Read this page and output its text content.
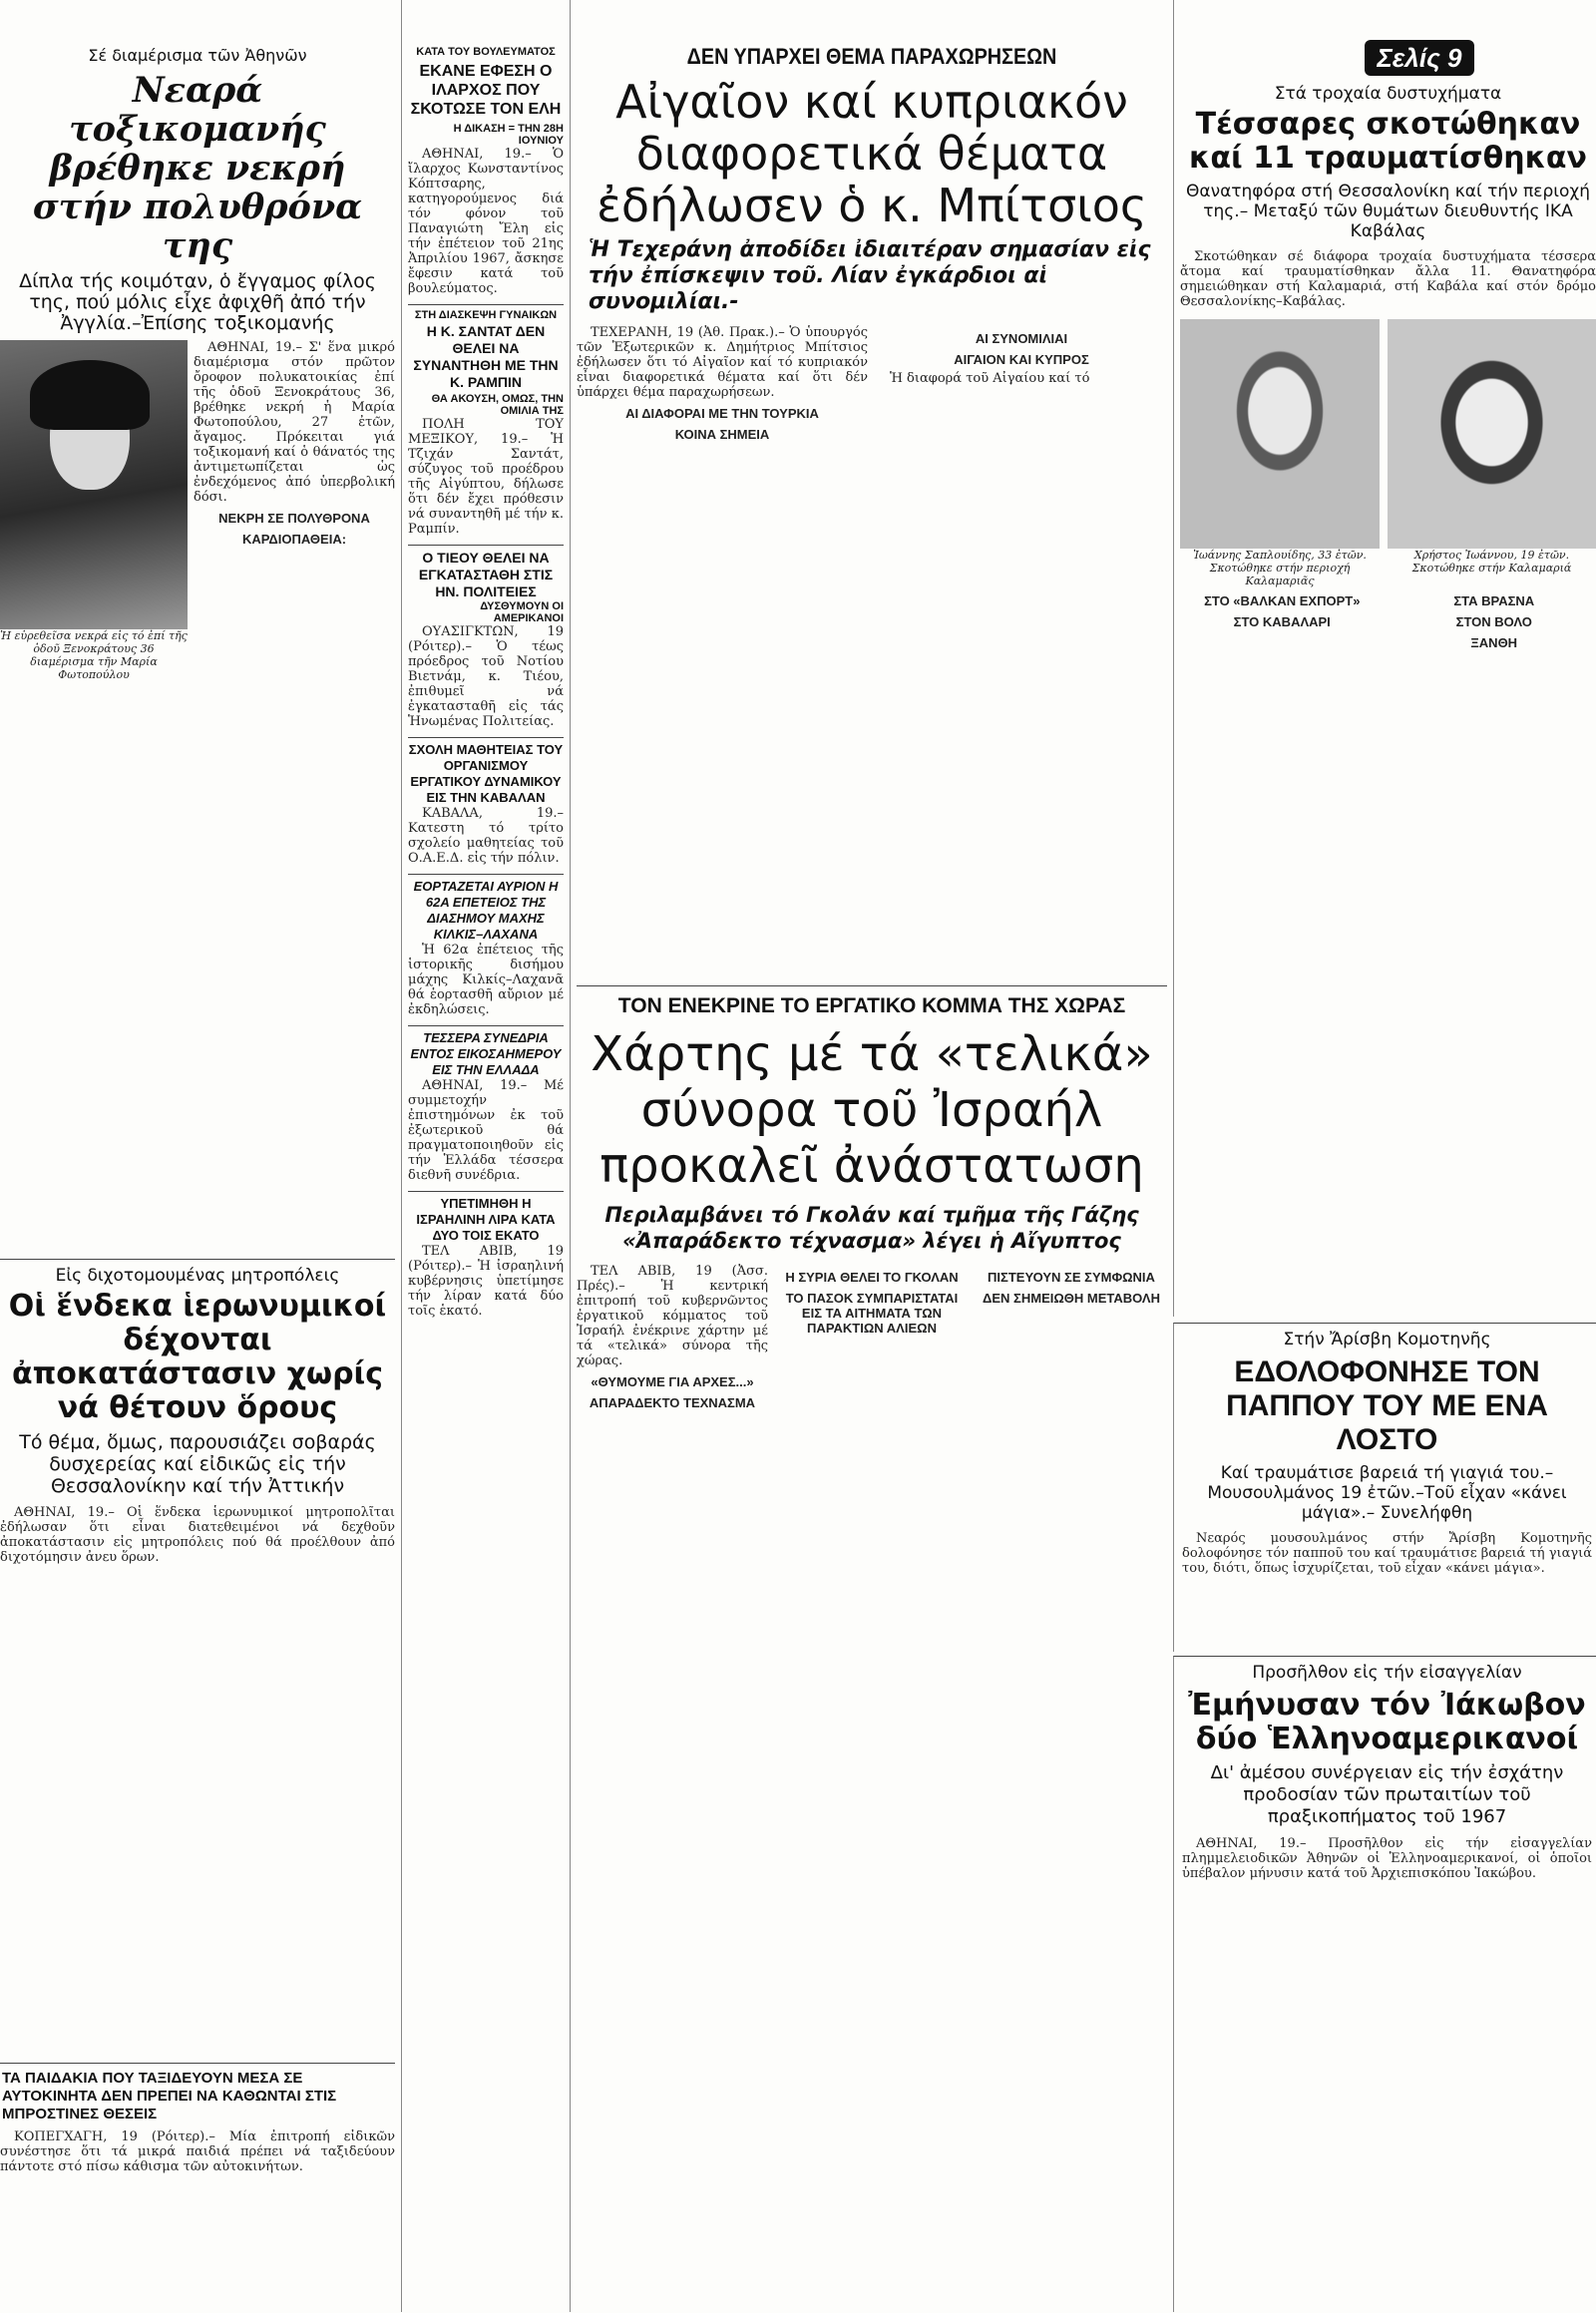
Σελίς 9
Σέ διαμέρισμα τῶν Ἀθηνῶν
Νεαρά τοξικομανής βρέθηκε νεκρή στήν πολυθρόνα της
Δίπλα τής κοιμόταν, ὁ ἔγγαμος φίλος της, πού μόλις εἶχε ἀφιχθῆ ἀπό τήν Ἀγγλία.–Ἐπίσης τοξικομανής
Ἡ εὑρεθεῖσα νεκρά εἰς τό ἐπί τῆς ὁδοῦ Ξενοκράτους 36 διαμέρισμα τῆν Μαρία Φωτοπούλου

ΑΘΗΝΑΙ, 19.– Σ' ἕνα μικρό διαμέρισμα στόν πρῶτον ὄροφον πολυκατοικίας ἐπί τῆς ὁδοῦ Ξενοκράτους 36, βρέθηκε νεκρή ἡ Μαρία Φωτοπούλου, 27 ἐτῶν, ἄγαμος. Πρόκειται γιά τοξικομανή καί ὁ θάνατός της ἀντιμετωπίζεται ὡς ἐνδεχόμενος ἀπό ὑπερβολική δόσι.

ΝΕΚΡΗ ΣΕ ΠΟΛΥΘΡΟΝΑ
ΚΑΡΔΙΟΠΑΘΕΙΑ:
Εἰς διχοτομουμένας μητροπόλεις
Οἱ ἕνδεκα ἱερωνυμικοί δέχονται ἀποκατάστασιν χωρίς νά θέτουν ὅρους
Τό θέμα, ὅμως, παρουσιάζει σοβαράς δυσχερείας καί εἰδικῶς εἰς τήν Θεσσαλονίκην καί τήν Ἀττικήν

ΑΘΗΝΑΙ, 19.– Οἱ ἕνδεκα ἱερωνυμικοί μητροπολῖται ἐδήλωσαν ὅτι εἶναι διατεθειμένοι νά δεχθοῦν ἀποκατάστασιν εἰς μητροπόλεις πού θά προέλθουν ἀπό διχοτόμησιν ἀνευ ὅρων.

ΤΑ ΠΑΙΔΑΚΙΑ ΠΟΥ ΤΑΞΙΔΕΥΟΥΝ ΜΕΣΑ ΣΕ ΑΥΤΟΚΙΝΗΤΑ ΔΕΝ ΠΡΕΠΕΙ ΝΑ ΚΑΘΩΝΤΑΙ ΣΤΙΣ ΜΠΡΟΣΤΙΝΕΣ ΘΕΣΕΙΣ

ΚΟΠΕΓΧΑΓΗ, 19 (Ρόιτερ).– Μία ἐπιτροπή εἰδικῶν συνέστησε ὅτι τά μικρά παιδιά πρέπει νά ταξιδεύουν πάντοτε στό πίσω κάθισμα τῶν αὐτοκινήτων.

ΚΑΤΑ ΤΟΥ ΒΟΥΛΕΥΜΑΤΟΣ
ΕΚΑΝΕ ΕΦΕΣΗ Ο ΙΛΑΡΧΟΣ ΠΟΥ ΣΚΟΤΩΣΕ ΤΟΝ ΕΛΗ
Η ΔΙΚΑΣΗ = ΤΗΝ 28Η ΙΟΥΝΙΟΥ

ΑΘΗΝΑΙ, 19.– Ὁ ἴλαρχος Κωνσταντίνος Κόπτσαρης, κατηγορούμενος διά τόν φόνον τοῦ Παναγιώτη Ἔλη εἰς τήν ἐπέτειον τοῦ 21ης Ἀπριλίου 1967, ἄσκησε ἔφεσιν κατά τοῦ βουλεύματος.

ΣΤΗ ΔΙΑΣΚΕΨΗ ΓΥΝΑΙΚΩΝ
Η Κ. ΣΑΝΤΑΤ ΔΕΝ ΘΕΛΕΙ ΝΑ ΣΥΝΑΝΤΗΘΗ ΜΕ ΤΗΝ Κ. ΡΑΜΠΙΝ
ΘΑ ΑΚΟΥΣΗ, ΟΜΩΣ, ΤΗΝ ΟΜΙΛΙΑ ΤΗΣ

ΠΟΛΗ ΤΟΥ ΜΕΞΙΚΟΥ, 19.– Ἡ Τζιχάν Σαντάτ, σύζυγος τοῦ προέδρου τῆς Αἰγύπτου, δήλωσε ὅτι δέν ἔχει πρόθεσιν νά συναντηθῆ μέ τήν κ. Ραμπίν.

Ο ΤΙΕΟΥ ΘΕΛΕΙ ΝΑ ΕΓΚΑΤΑΣΤΑΘΗ ΣΤΙΣ ΗΝ. ΠΟΛΙΤΕΙΕΣ
ΔΥΣΘΥΜΟΥΝ ΟΙ ΑΜΕΡΙΚΑΝΟΙ

ΟΥΑΣΙΓΚΤΩΝ, 19 (Ρόιτερ).– Ὁ τέως πρόεδρος τοῦ Νοτίου Βιετνάμ, κ. Τιέου, ἐπιθυμεῖ νά ἐγκατασταθῆ εἰς τάς Ἡνωμένας Πολιτείας.

ΣΧΟΛΗ ΜΑΘΗΤΕΙΑΣ ΤΟΥ ΟΡΓΑΝΙΣΜΟΥ ΕΡΓΑΤΙΚΟΥ ΔΥΝΑΜΙΚΟΥ ΕΙΣ ΤΗΝ ΚΑΒΑΛΑΝ

ΚΑΒΑΛΑ, 19.– Κατεστη τό τρίτο σχολείο μαθητείας τοῦ Ο.Α.Ε.Δ. εἰς τήν πόλιν.

ΕΟΡΤΑΖΕΤΑΙ ΑΥΡΙΟΝ Η 62Α ΕΠΕΤΕΙΟΣ ΤΗΣ ΔΙΑΣΗΜΟΥ ΜΑΧΗΣ ΚΙΛΚΙΣ–ΛΑΧΑΝΑ

Ἡ 62α ἐπέτειος τῆς ἱστορικῆς δισήμου μάχης Κιλκίς–Λαχανᾶ θά ἑορτασθῆ αὔριον μέ ἐκδηλώσεις.

ΤΕΣΣΕΡΑ ΣΥΝΕΔΡΙΑ ΕΝΤΟΣ ΕΙΚΟΣΑΗΜΕΡΟΥ ΕΙΣ ΤΗΝ ΕΛΛΑΔΑ

ΑΘΗΝΑΙ, 19.– Μέ συμμετοχήν ἐπιστημόνων ἐκ τοῦ ἐξωτερικοῦ θά πραγματοποιηθοῦν εἰς τήν Ἑλλάδα τέσσερα διεθνῆ συνέδρια.

ΥΠΕΤΙΜΗΘΗ Η ΙΣΡΑΗΛΙΝΗ ΛΙΡΑ ΚΑΤΑ ΔΥΟ ΤΟΙΣ ΕΚΑΤΟ

ΤΕΛ ΑΒΙΒ, 19 (Ρόιτερ).– Ἡ ἰσραηλινή κυβέρνησις ὑπετίμησε τήν λίραν κατά δύο τοῖς ἑκατό.

ΔΕΝ ΥΠΑΡΧΕΙ ΘΕΜΑ ΠΑΡΑΧΩΡΗΣΕΩΝ
Αἰγαῖον καί κυπριακόν διαφορετικά θέματα ἐδήλωσεν ὁ κ. Μπίτσιος
Ἡ Τεχεράνη ἀποδίδει ἰδιαιτέραν σημασίαν εἰς τήν ἐπίσκεψιν τοῦ. Λίαν ἐγκάρδιοι αἱ συνομιλίαι.-

ΤΕΧΕΡΑΝΗ, 19 (Ἀθ. Πρακ.).– Ὁ ὑπουργός τῶν Ἐξωτερικῶν κ. Δημήτριος Μπίτσιος ἐδήλωσεν ὅτι τό Αἰγαῖον καί τό κυπριακόν εἶναι διαφορετικά θέματα καί ὅτι δέν ὑπάρχει θέμα παραχωρήσεων.

ΑΙ ΔΙΑΦΟΡΑΙ ΜΕ ΤΗΝ ΤΟΥΡΚΙΑ
ΚΟΙΝΑ ΣΗΜΕΙΑ
ΑΙ ΣΥΝΟΜΙΛΙΑΙ
ΑΙΓΑΙΟΝ ΚΑΙ ΚΥΠΡΟΣ

Ἡ διαφορά τοῦ Αἰγαίου καί τό

ΤΟΝ ΕΝΕΚΡΙΝΕ ΤΟ ΕΡΓΑΤΙΚΟ ΚΟΜΜΑ ΤΗΣ ΧΩΡΑΣ
Χάρτης μέ τά «τελικά» σύνορα τοῦ Ἰσραήλ προκαλεῖ ἀνάστατωση
Περιλαμβάνει τό Γκολάν καί τμῆμα τῆς Γάζης «Ἀπαράδεκτο τέχνασμα» λέγει ἡ Αἴγυπτος

ΤΕΛ ΑΒΙΒ, 19 (Ἀσσ. Πρές).– Ἡ κεντρική ἐπιτροπή τοῦ κυβερνῶντος ἐργατικοῦ κόμματος τοῦ Ἰσραήλ ἐνέκρινε χάρτην μέ τά «τελικά» σύνορα τῆς χώρας.

«ΘΥΜΟΥΜΕ ΓΙΑ ΑΡΧΕΣ...»
ΑΠΑΡΑΔΕΚΤΟ ΤΕΧΝΑΣΜΑ
Η ΣΥΡΙΑ ΘΕΛΕΙ ΤΟ ΓΚΟΛΑΝ
ΤΟ ΠΑΣΟΚ ΣΥΜΠΑΡΙΣΤΑΤΑΙ ΕΙΣ ΤΑ ΑΙΤΗΜΑΤΑ ΤΩΝ ΠΑΡΑΚΤΙΩΝ ΑΛΙΕΩΝ
ΠΙΣΤΕΥΟΥΝ ΣΕ ΣΥΜΦΩΝΙΑ
ΔΕΝ ΣΗΜΕΙΩΘΗ ΜΕΤΑΒΟΛΗ
Στά τροχαία δυστυχήματα
Τέσσαρες σκοτώθηκαν καί 11 τραυματίσθηκαν
Θανατηφόρα στή Θεσσαλονίκη καί τήν περιοχή της.– Μεταξύ τῶν θυμάτων διευθυντής ΙΚΑ Καβάλας

Σκοτώθηκαν σέ διάφορα τροχαία δυστυχήματα τέσσερα ἄτομα καί τραυματίσθηκαν ἄλλα 11. Θανατηφόρα σημειώθηκαν στή Καλαμαριά, στή Καβάλα καί στόν δρόμο Θεσσαλονίκης–Καβάλας.

Ἰωάννης Σαπλουίδης, 33 ἐτῶν. Σκοτώθηκε στήν περιοχή Καλαμαριᾶς
Χρήστος Ἰωάννου, 19 ἐτῶν. Σκοτώθηκε στήν Καλαμαριά
ΣΤΟ «ΒΑΛΚΑΝ ΕΧΠΟΡΤ»
ΣΤΟ ΚΑΒΑΛΑΡΙ
ΣΤΑ ΒΡΑΣΝΑ
ΣΤΟΝ ΒΟΛΟ
ΞΑΝΘΗ
Στήν Ἄρίσβη Κομοτηνῆς
ΕΔΟΛΟΦΟΝΗΣΕ ΤΟΝ ΠΑΠΠΟΥ ΤΟΥ ΜΕ ΕΝΑ ΛΟΣΤΟ
Καί τραυμάτισε βαρειά τή γιαγιά του.–Μουσουλμάνος 19 ἐτῶν.–Τοῦ εἶχαν «κάνει μάγια».– Συνελήφθη

Νεαρός μουσουλμάνος στήν Ἄρίσβη Κομοτηνῆς δολοφόνησε τόν παπποῦ του καί τραυμάτισε βαρειά τή γιαγιά του, διότι, ὅπως ἰσχυρίζεται, τοῦ εἶχαν «κάνει μάγια».

Προσῆλθον εἰς τήν εἰσαγγελίαν
Ἐμήνυσαν τόν Ἰάκωβον δύο Ἑλληνοαμερικανοί
Δι' ἀμέσου συνέργειαν εἰς τήν ἐσχάτην προδοσίαν τῶν πρωταιτίων τοῦ πραξικοπήματος τοῦ 1967

ΑΘΗΝΑΙ, 19.– Προσῆλθον εἰς τήν εἰσαγγελίαν πλημμελειοδικῶν Ἀθηνῶν οἱ Ἑλληνοαμερικανοί, οἱ ὁποῖοι ὑπέβαλον μήνυσιν κατά τοῦ Ἀρχιεπισκόπου Ἰακώβου.
